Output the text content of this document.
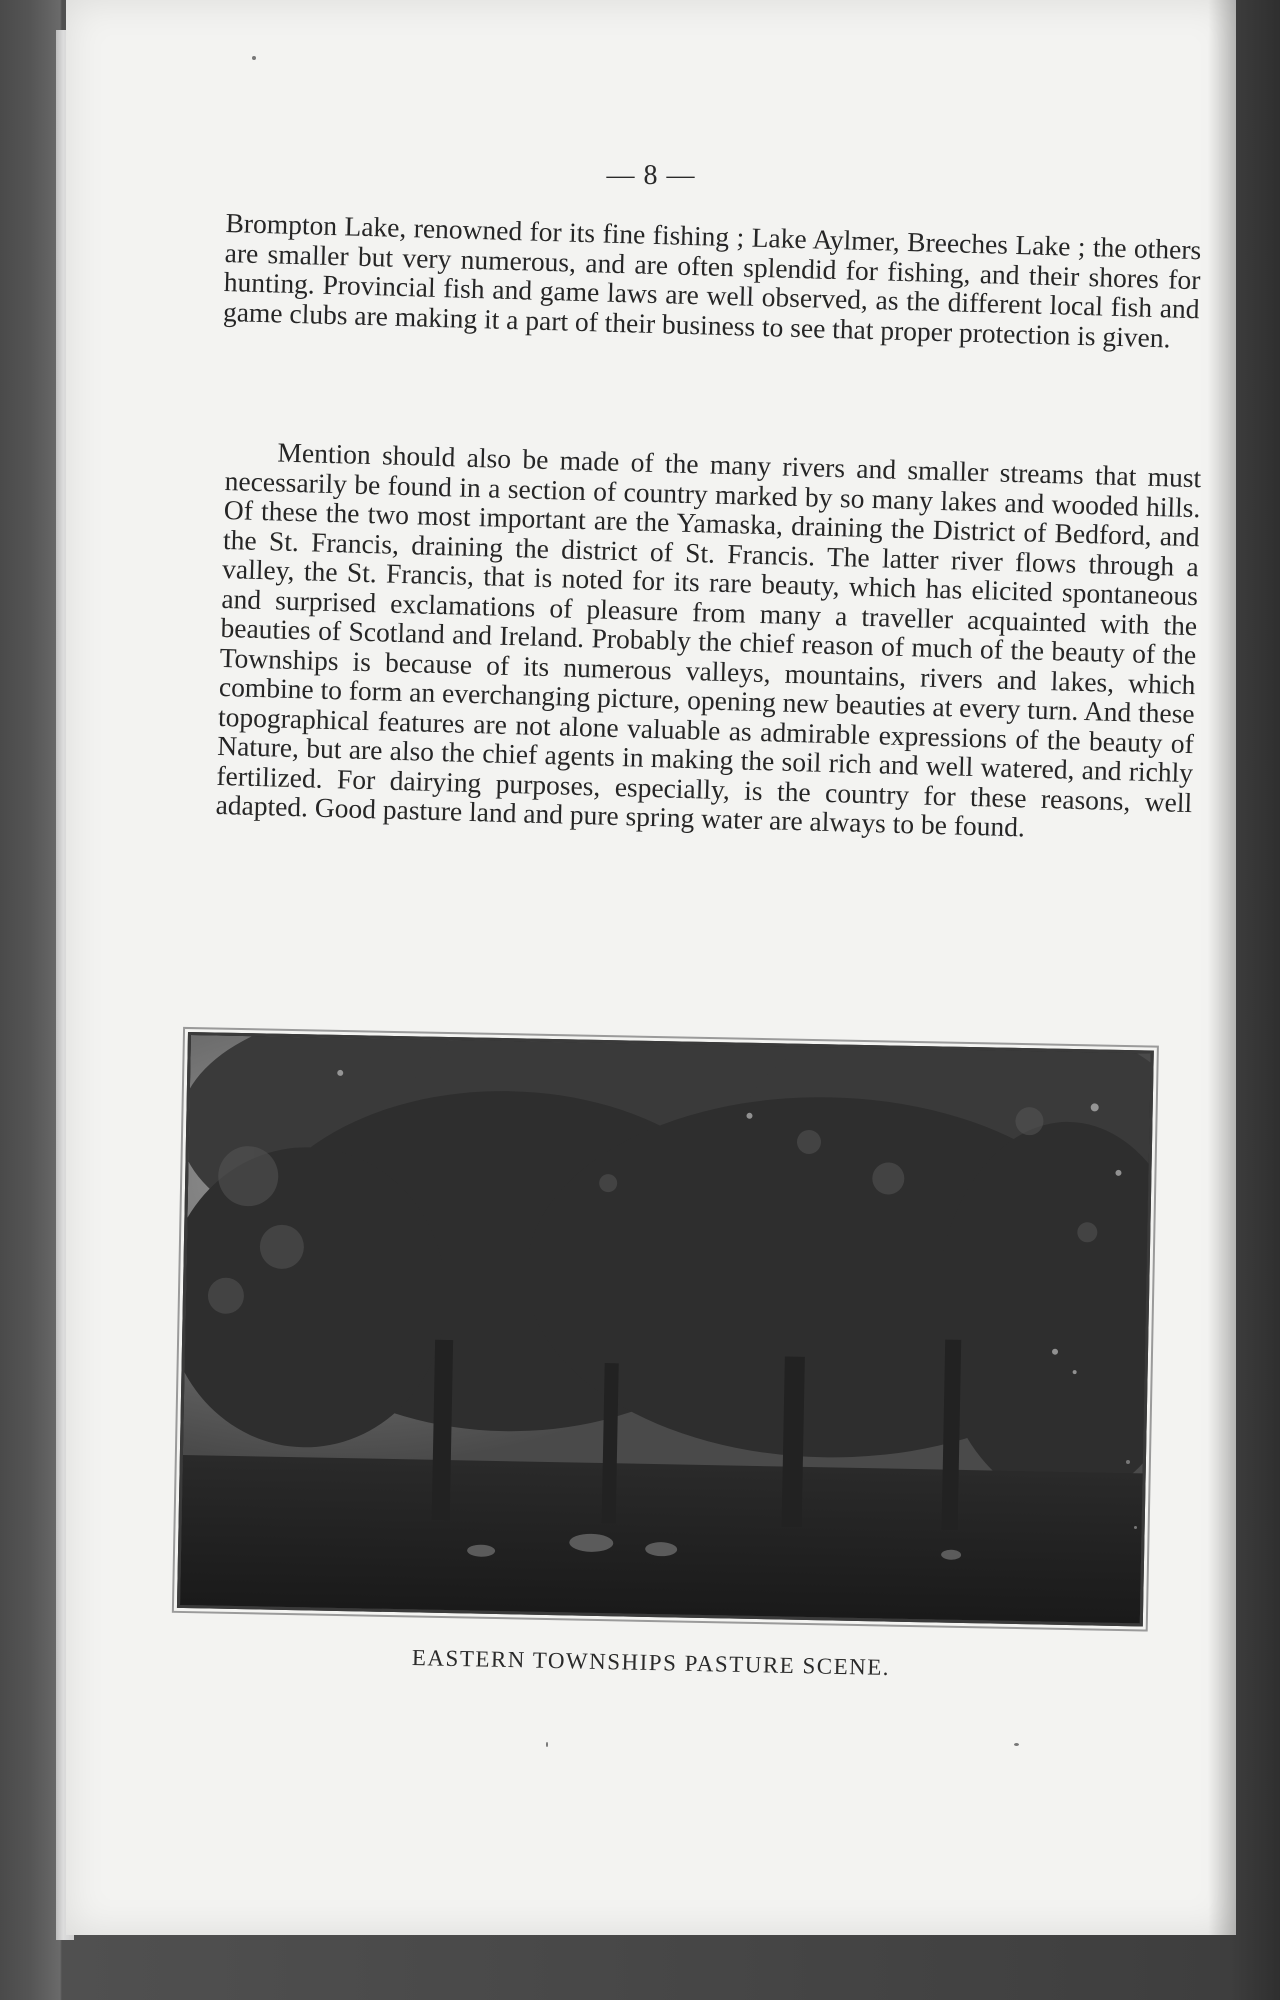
— 8 —

Brompton Lake, renowned for its fine fishing ; Lake Aylmer, Breeches Lake ; the others are smaller but very numerous, and are often splendid for fishing, and their shores for hunting. Provincial fish and game laws are well observed, as the different local fish and game clubs are making it a part of their business to see that proper protection is given.

Mention should also be made of the many rivers and smaller streams that must necessarily be found in a section of country marked by so many lakes and wooded hills. Of these the two most important are the Yamaska, draining the District of Bedford, and the St. Francis, draining the district of St. Francis. The latter river flows through a valley, the St. Francis, that is noted for its rare beauty, which has elicited spontaneous and surprised exclamations of pleasure from many a traveller acquainted with the beauties of Scotland and Ireland. Probably the chief reason of much of the beauty of the Townships is because of its numerous valleys, mountains, rivers and lakes, which combine to form an everchanging picture, opening new beauties at every turn. And these topographical features are not alone valuable as admirable expressions of the beauty of Nature, but are also the chief agents in making the soil rich and well watered, and richly fertilized. For dairying purposes, especially, is the country for these reasons, well adapted. Good pasture land and pure spring water are always to be found.

EASTERN TOWNSHIPS PASTURE SCENE.
